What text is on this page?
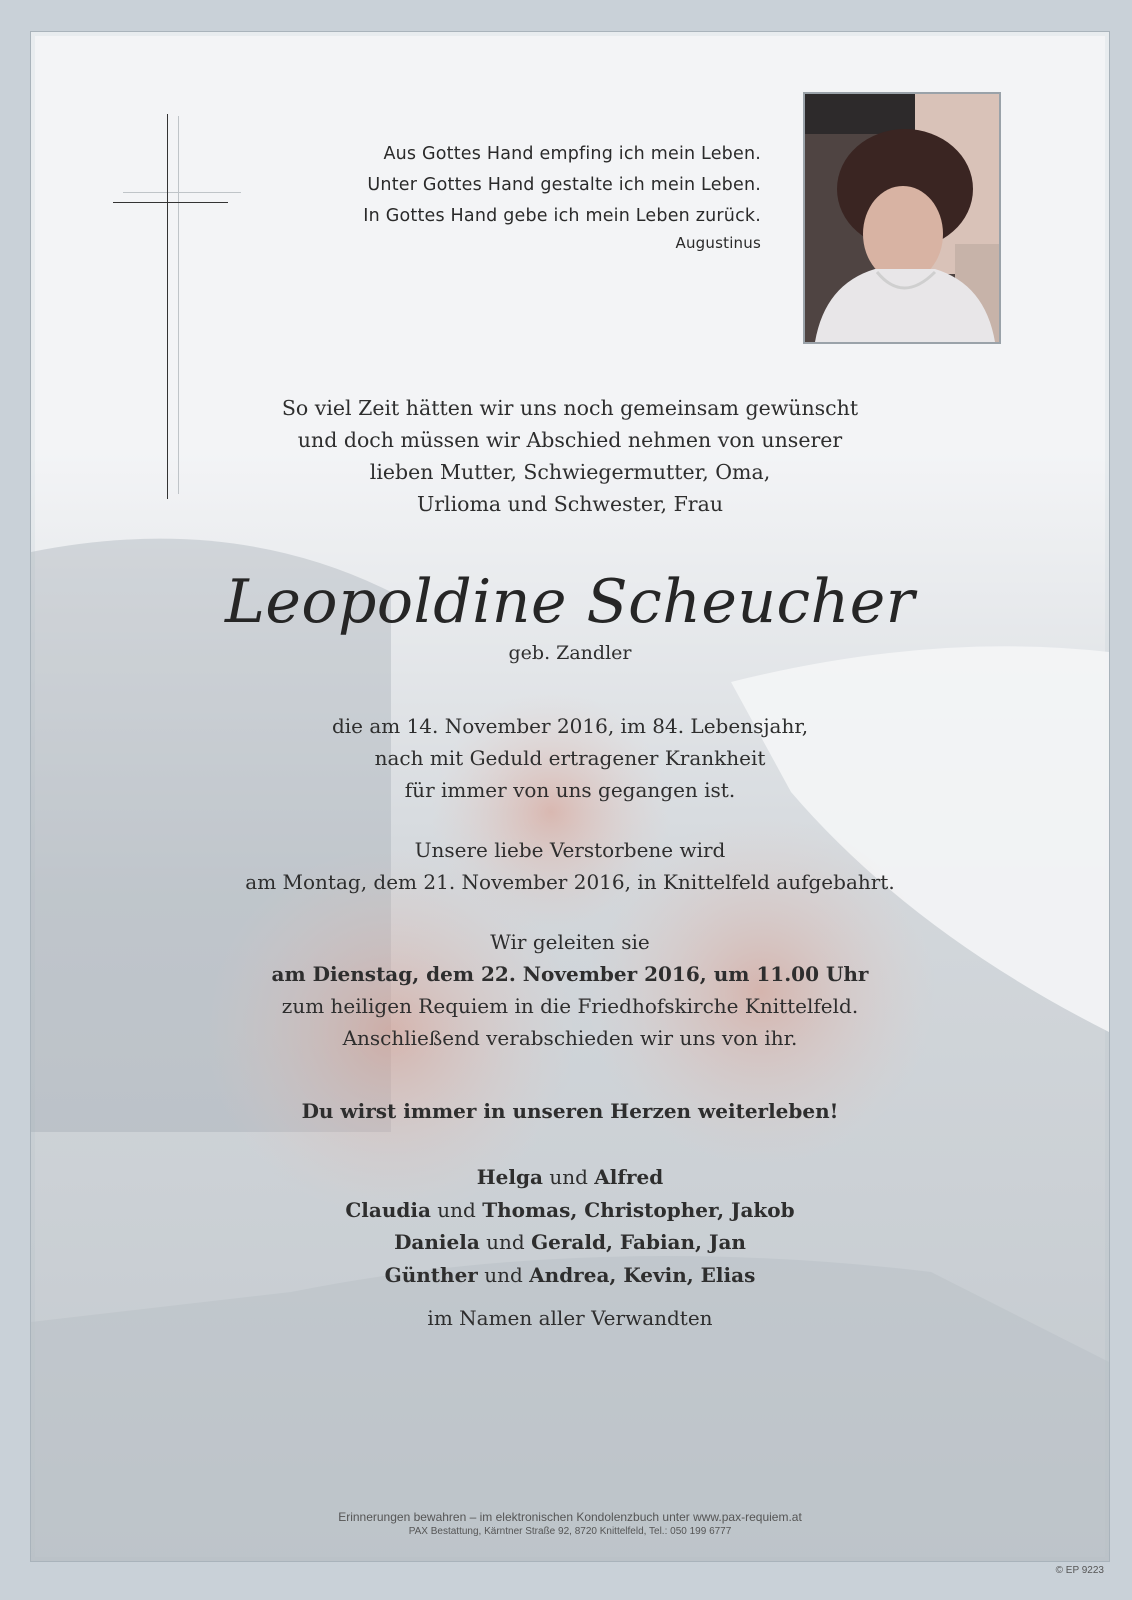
Aus Gottes Hand empfing ich mein Leben.
Unter Gottes Hand gestalte ich mein Leben.
In Gottes Hand gebe ich mein Leben zurück.
Augustinus
So viel Zeit hätten wir uns noch gemeinsam gewünscht
und doch müssen wir Abschied nehmen von unserer
lieben Mutter, Schwiegermutter, Oma,
Urlioma und Schwester, Frau
Leopoldine Scheucher
geb. Zandler
die am 14. November 2016, im 84. Lebensjahr,
nach mit Geduld ertragener Krankheit
für immer von uns gegangen ist.
Unsere liebe Verstorbene wird
am Montag, dem 21. November 2016, in Knittelfeld aufgebahrt.
Wir geleiten sie
am Dienstag, dem 22. November 2016, um 11.00 Uhr
zum heiligen Requiem in die Friedhofskirche Knittelfeld.
Anschließend verabschieden wir uns von ihr.
Du wirst immer in unseren Herzen weiterleben!
Helga und Alfred
Claudia und Thomas, Christopher, Jakob
Daniela und Gerald, Fabian, Jan
Günther und Andrea, Kevin, Elias
im Namen aller Verwandten
Erinnerungen bewahren – im elektronischen Kondolenzbuch unter www.pax-requiem.at
PAX Bestattung, Kärntner Straße 92, 8720 Knittelfeld, Tel.: 050 199 6777
© EP 9223
